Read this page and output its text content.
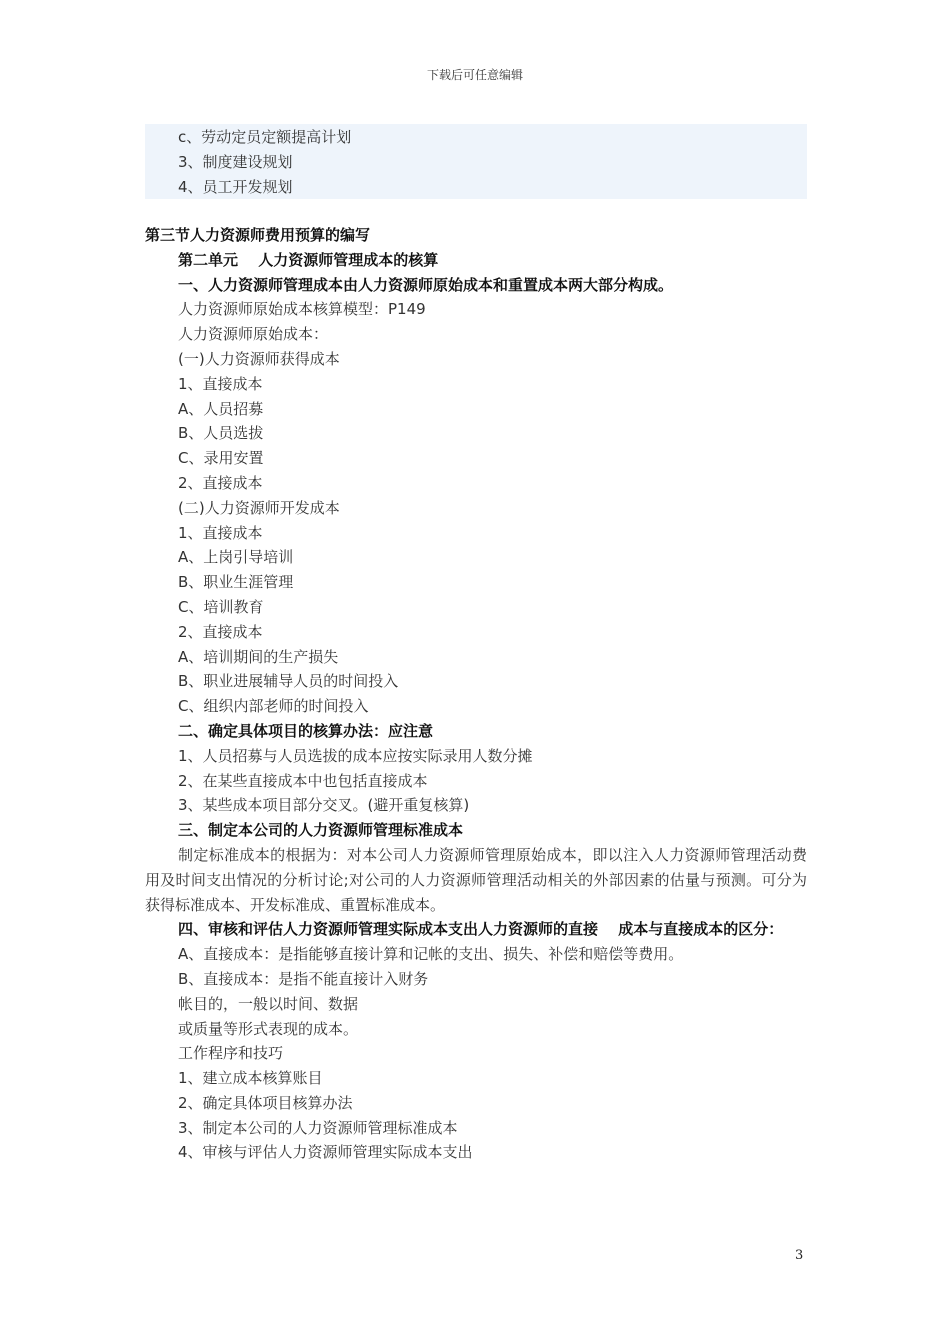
下载后可任意编辑
c、劳动定员定额提高计划
3、制度建设规划
4、员工开发规划
第三节人力资源师费用预算的编写
第二单元　 人力资源师管理成本的核算
一、人力资源师管理成本由人力资源师原始成本和重置成本两大部分构成。
人力资源师原始成本核算模型：P149
人力资源师原始成本：
(一)人力资源师获得成本
1、直接成本
A、人员招募
B、人员选拔
C、录用安置
2、直接成本
(二)人力资源师开发成本
1、直接成本
A、上岗引导培训
B、职业生涯管理
C、培训教育
2、直接成本
A、培训期间的生产损失
B、职业进展辅导人员的时间投入
C、组织内部老师的时间投入
二、确定具体项目的核算办法：应注意
1、人员招募与人员选拔的成本应按实际录用人数分摊
2、在某些直接成本中也包括直接成本
3、某些成本项目部分交叉。(避开重复核算)
三、制定本公司的人力资源师管理标准成本
制定标准成本的根据为：对本公司人力资源师管理原始成本，即以注入人力资源师管理活动费用及时间支出情况的分析讨论;对公司的人力资源师管理活动相关的外部因素的估量与预测。可分为获得标准成本、开发标准成、重置标准成本。
四、审核和评估人力资源师管理实际成本支出人力资源师的直接　 成本与直接成本的区分：
A、直接成本：是指能够直接计算和记帐的支出、损失、补偿和赔偿等费用。
B、直接成本：是指不能直接计入财务
帐目的，一般以时间、数据
或质量等形式表现的成本。
工作程序和技巧
1、建立成本核算账目
2、确定具体项目核算办法
3、制定本公司的人力资源师管理标准成本
4、审核与评估人力资源师管理实际成本支出
3
